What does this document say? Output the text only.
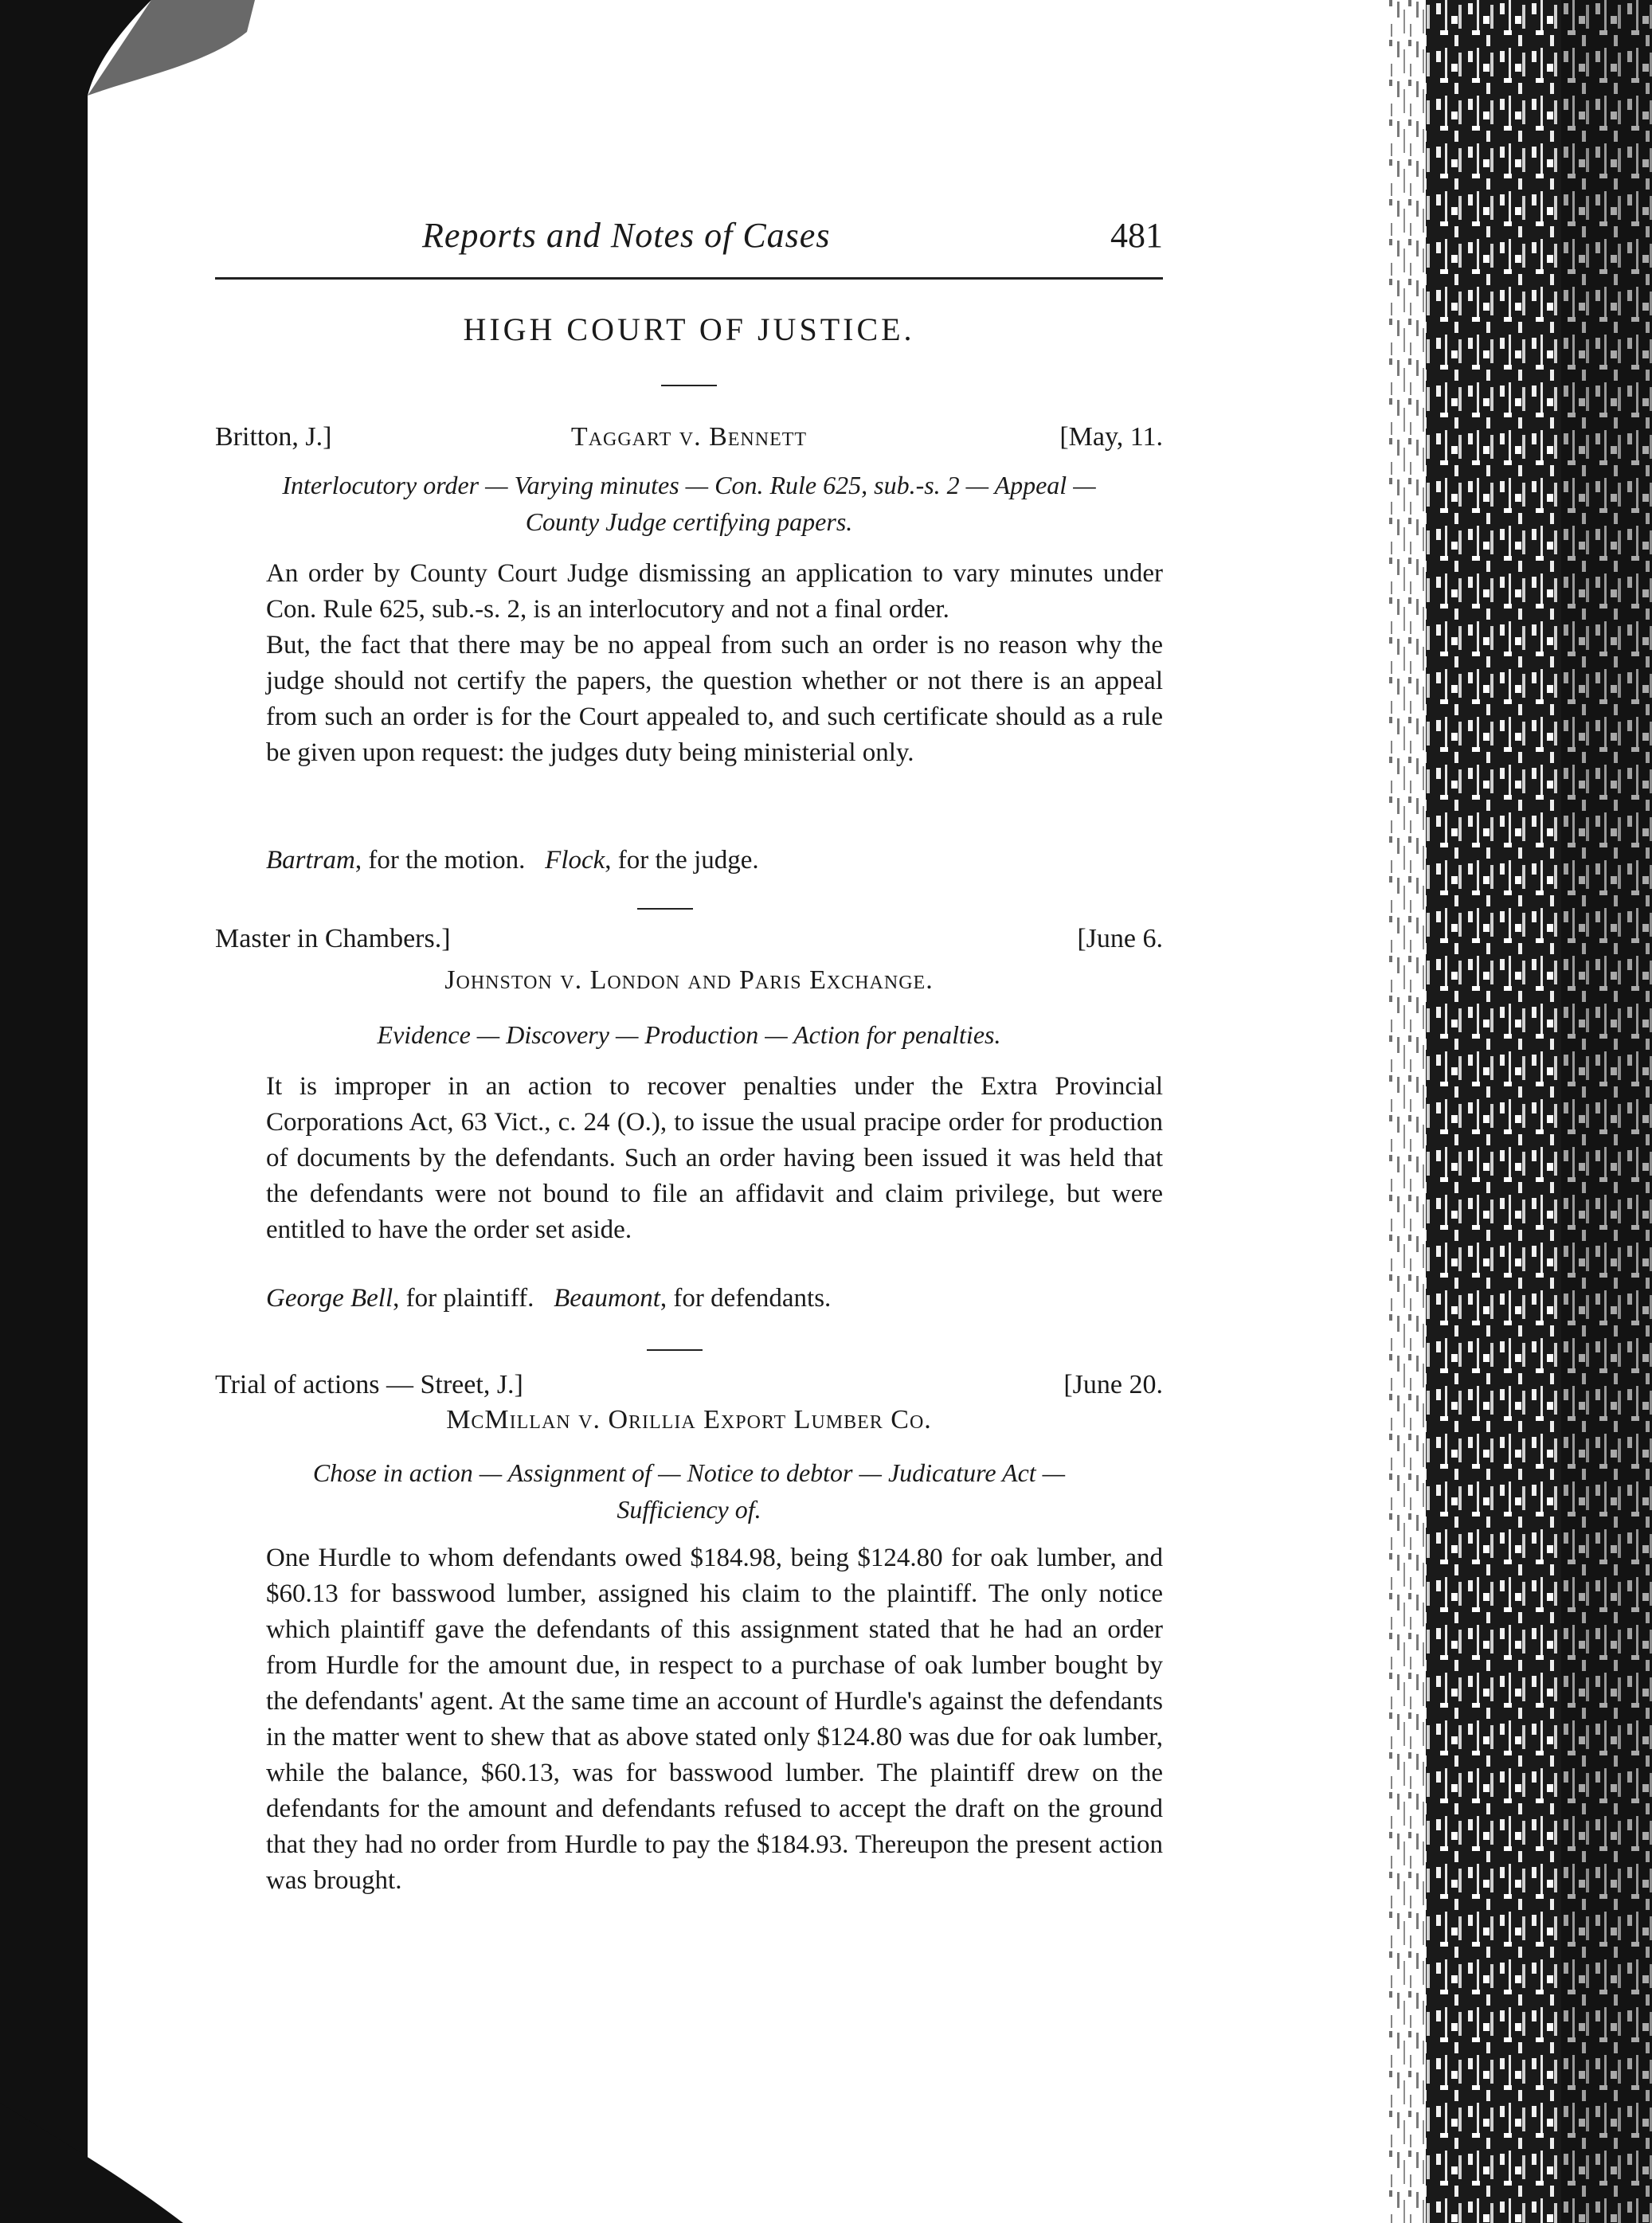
Reports and Notes of Cases	481
HIGH COURT OF JUSTICE.
Britton, J.]	Taggart v. Bennett	[May, 11.
Interlocutory order — Varying minutes — Con. Rule 625, sub.-s. 2 — Appeal —
County Judge certifying papers.
An order by County Court Judge dismissing an application to vary minutes under Con. Rule 625, sub.-s. 2, is an interlocutory and not a final order.
But, the fact that there may be no appeal from such an order is no reason why the judge should not certify the papers, the question whether or not there is an appeal from such an order is for the Court appealed to, and such certificate should as a rule be given upon request: the judges duty being ministerial only.
Bartram, for the motion. Flock, for the judge.
Master in Chambers.]	[June 6.
Johnston v. London and Paris Exchange.
Evidence — Discovery — Production — Action for penalties.
It is improper in an action to recover penalties under the Extra Provincial Corporations Act, 63 Vict., c. 24 (O.), to issue the usual pracipe order for production of documents by the defendants. Such an order having been issued it was held that the defendants were not bound to file an affidavit and claim privilege, but were entitled to have the order set aside.
George Bell, for plaintiff. Beaumont, for defendants.
Trial of actions — Street, J.]	[June 20.
McMillan v. Orillia Export Lumber Co.
Chose in action — Assignment of — Notice to debtor — Judicature Act —
Sufficiency of.
One Hurdle to whom defendants owed $184.98, being $124.80 for oak lumber, and $60.13 for basswood lumber, assigned his claim to the plaintiff. The only notice which plaintiff gave the defendants of this assignment stated that he had an order from Hurdle for the amount due, in respect to a purchase of oak lumber bought by the defendants' agent. At the same time an account of Hurdle's against the defendants in the matter went to shew that as above stated only $124.80 was due for oak lumber, while the balance, $60.13, was for basswood lumber. The plaintiff drew on the defendants for the amount and defendants refused to accept the draft on the ground that they had no order from Hurdle to pay the $184.93. Thereupon the present action was brought.
